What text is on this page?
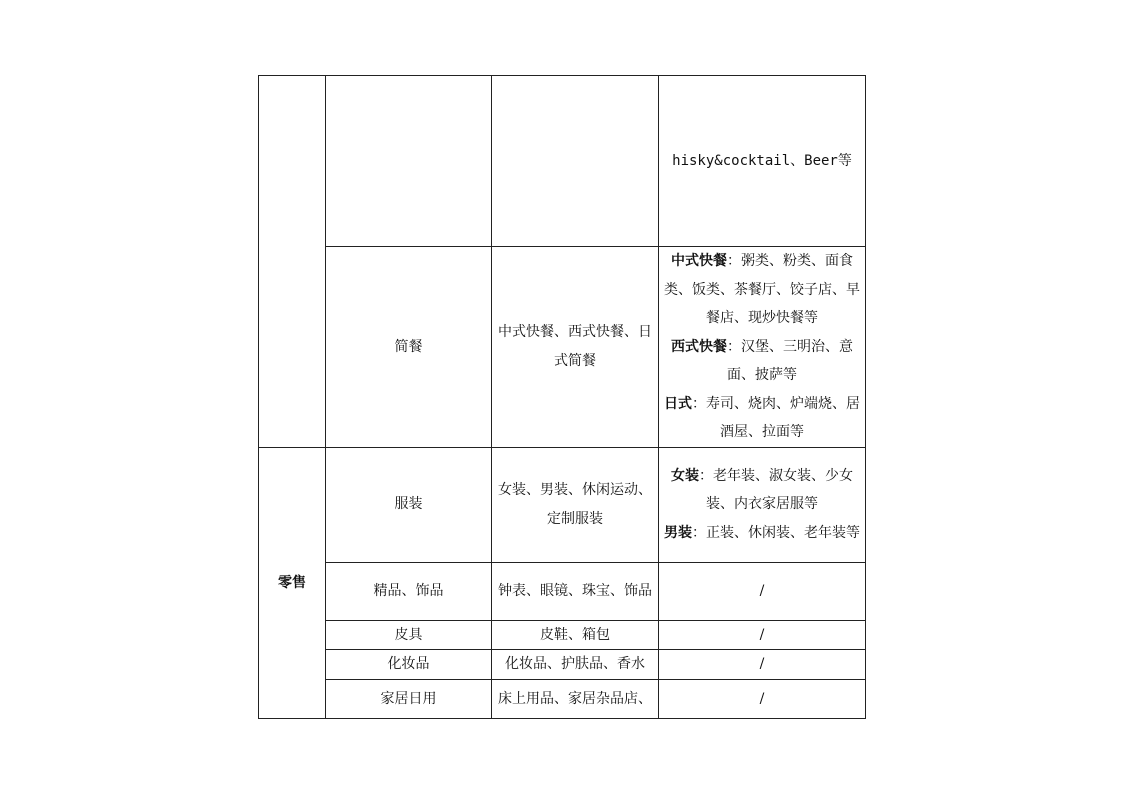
			hisky&cocktail、Beer等
	简餐	中式快餐、西式快餐、日式简餐	中式快餐：粥类、粉类、面食类、饭类、茶餐厅、饺子店、早餐店、现炒快餐等

西式快餐：汉堡、三明治、意面、披萨等

日式：寿司、烧肉、炉端烧、居酒屋、拉面等

零售	服装	女装、男装、休闲运动、定制服装	女装：老年装、淑女装、少女装、内衣家居服等

男装：正装、休闲装、老年装等

	精品、饰品	钟表、眼镜、珠宝、饰品	/
	皮具	皮鞋、箱包	/
	化妆品	化妆品、护肤品、香水	/
	家居日用	床上用品、家居杂品店、	/
